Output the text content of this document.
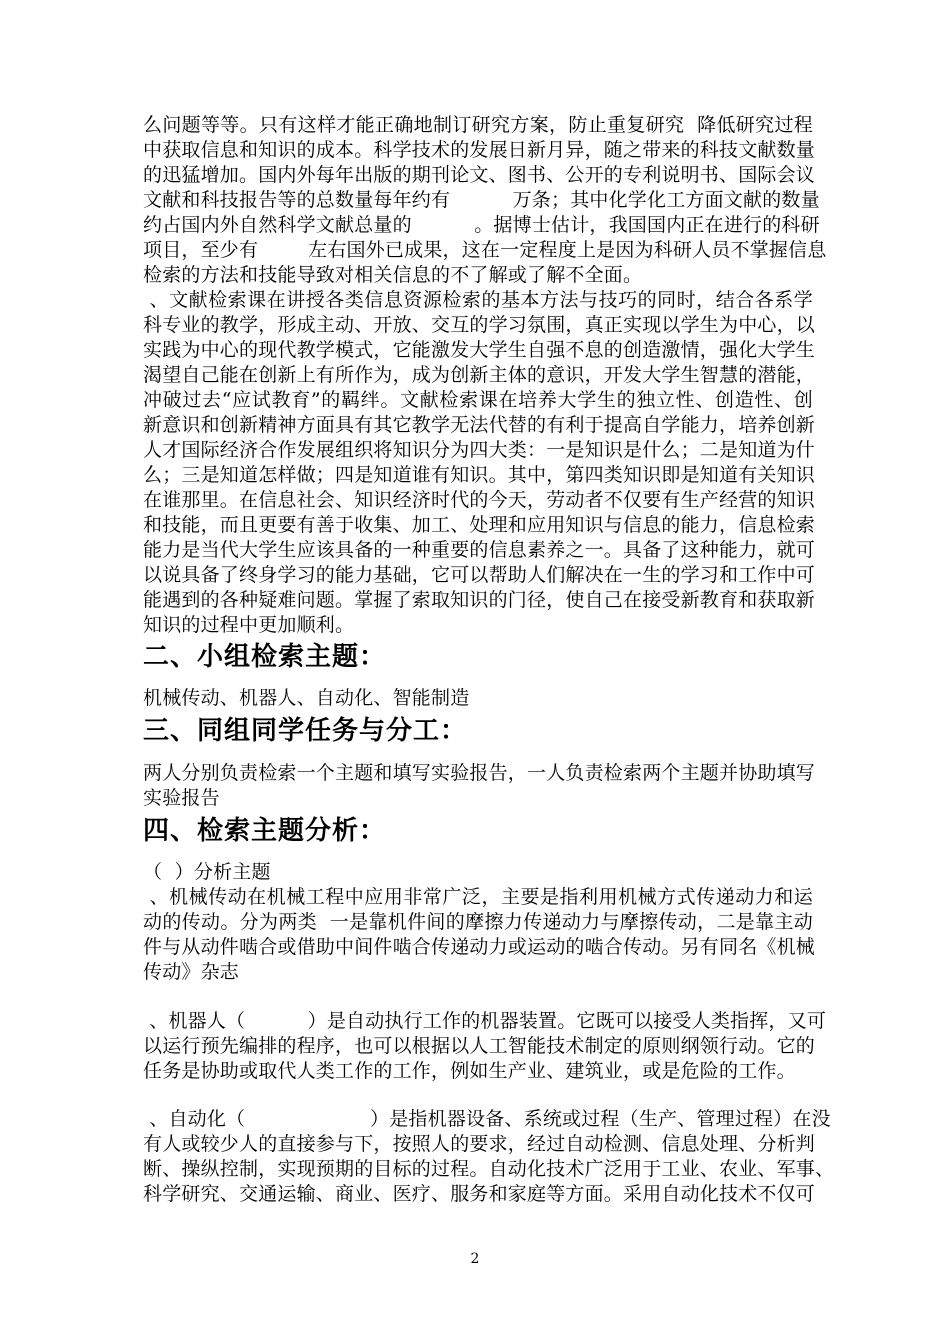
么问题等等。只有这样才能正确地制订研究方案，防止重复研究  降低研究过程
中获取信息和知识的成本。科学技术的发展日新月异，随之带来的科技文献数量
的迅猛增加。国内外每年出版的期刊论文、图书、公开的专利说明书、国际会议
文献和科技报告等的总数量每年约有          万条；其中化学化工方面文献的数量
约占国内外自然科学文献总量的          。据博士估计，我国国内正在进行的科研
项目，至少有        左右国外已成果，这在一定程度上是因为科研人员不掌握信息
检索的方法和技能导致对相关信息的不了解或了解不全面。
、文献检索课在讲授各类信息资源检索的基本方法与技巧的同时，结合各系学
科专业的教学，形成主动、开放、交互的学习氛围，真正实现以学生为中心，以
实践为中心的现代教学模式，它能激发大学生自强不息的创造激情，强化大学生
渴望自己能在创新上有所作为，成为创新主体的意识，开发大学生智慧的潜能，
冲破过去“应试教育”的羁绊。文献检索课在培养大学生的独立性、创造性、创
新意识和创新精神方面具有其它教学无法代替的有利于提高自学能力，培养创新
人才国际经济合作发展组织将知识分为四大类：一是知识是什么；二是知道为什
么；三是知道怎样做；四是知道谁有知识。其中，第四类知识即是知道有关知识
在谁那里。在信息社会、知识经济时代的今天，劳动者不仅要有生产经营的知识
和技能，而且更要有善于收集、加工、处理和应用知识与信息的能力，信息检索
能力是当代大学生应该具备的一种重要的信息素养之一。具备了这种能力，就可
以说具备了终身学习的能力基础，它可以帮助人们解决在一生的学习和工作中可
能遇到的各种疑难问题。掌握了索取知识的门径，使自己在接受新教育和获取新
知识的过程中更加顺利。
二、小组检索主题：
机械传动、机器人、自动化、智能制造
三、同组同学任务与分工：
两人分别负责检索一个主题和填写实验报告，一人负责检索两个主题并协助填写
实验报告
四、检索主题分析：
（  ）分析主题
、机械传动在机械工程中应用非常广泛，主要是指利用机械方式传递动力和运
动的传动。分为两类  一是靠机件间的摩擦力传递动力与摩擦传动，二是靠主动
件与从动件啮合或借助中间件啮合传递动力或运动的啮合传动。另有同名《机械
传动》杂志
、机器人（          ）是自动执行工作的机器装置。它既可以接受人类指挥，又可
以运行预先编排的程序，也可以根据以人工智能技术制定的原则纲领行动。它的
任务是协助或取代人类工作的工作，例如生产业、建筑业，或是危险的工作。
、自动化（                    ）是指机器设备、系统或过程（生产、管理过程）在没
有人或较少人的直接参与下，按照人的要求，经过自动检测、信息处理、分析判
断、操纵控制，实现预期的目标的过程。自动化技术广泛用于工业、农业、军事、
科学研究、交通运输、商业、医疗、服务和家庭等方面。采用自动化技术不仅可
2
